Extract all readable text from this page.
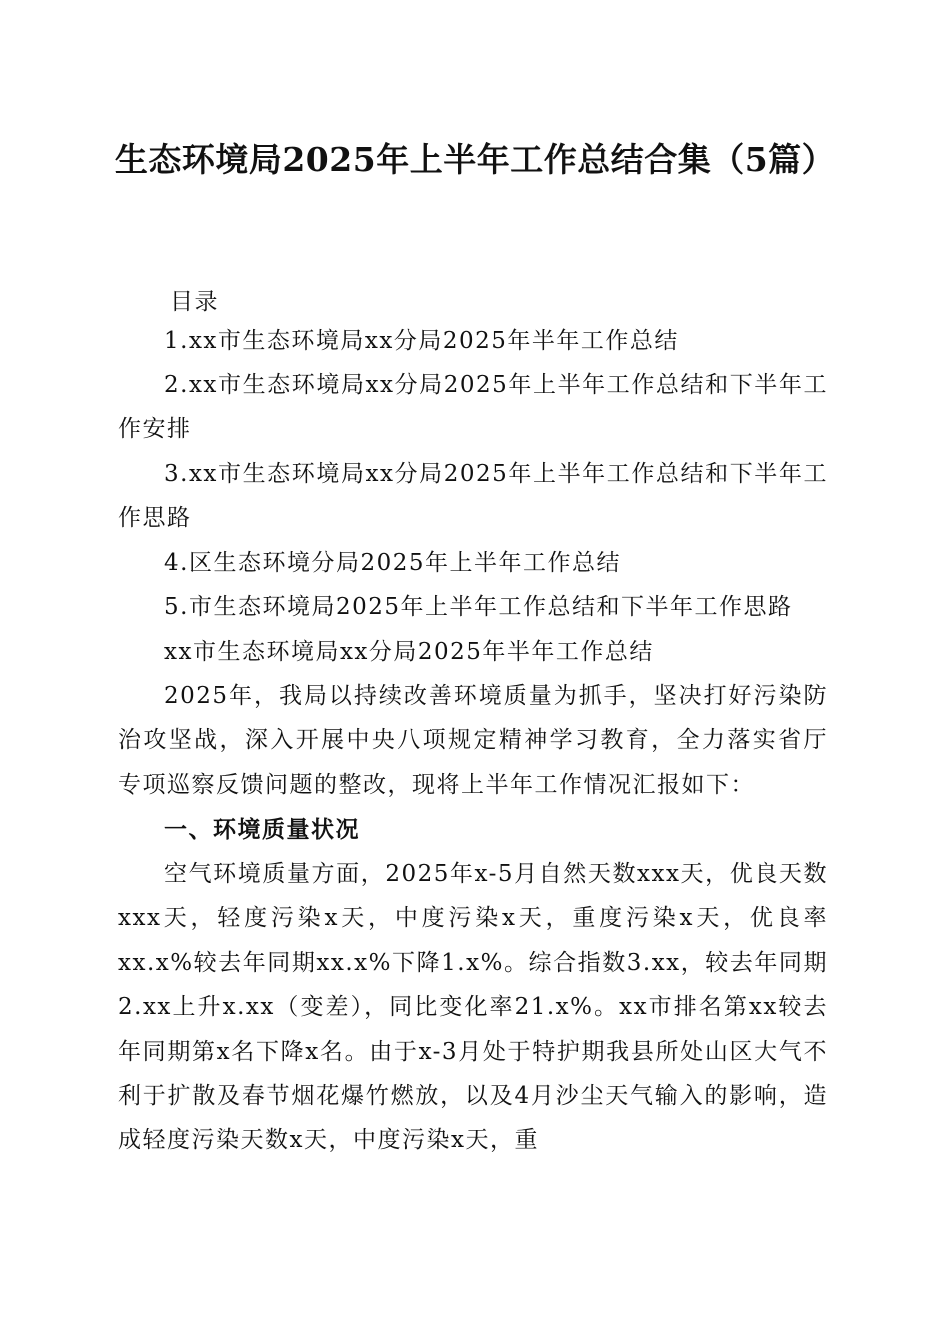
生态环境局2025年上半年工作总结合集（5篇）
目录
1.xx市生态环境局xx分局2025年半年工作总结
2.xx市生态环境局xx分局2025年上半年工作总结和下半年工作安排
3.xx市生态环境局xx分局2025年上半年工作总结和下半年工作思路
4.区生态环境分局2025年上半年工作总结
5.市生态环境局2025年上半年工作总结和下半年工作思路
xx市生态环境局xx分局2025年半年工作总结
2025年，我局以持续改善环境质量为抓手，坚决打好污染防治攻坚战，深入开展中央八项规定精神学习教育，全力落实省厅专项巡察反馈问题的整改，现将上半年工作情况汇报如下：
一、环境质量状况
空气环境质量方面，2025年x-5月自然天数xxx天，优良天数xxx天，轻度污染x天，中度污染x天，重度污染x天，优良率xx.x%较去年同期xx.x%下降1.x%。综合指数3.xx，较去年同期2.xx上升x.xx（变差），同比变化率21.x%。xx市排名第xx较去年同期第x名下降x名。由于x-3月处于特护期我县所处山区大气不利于扩散及春节烟花爆竹燃放，以及4月沙尘天气输入的影响，造成轻度污染天数x天，中度污染x天，重
